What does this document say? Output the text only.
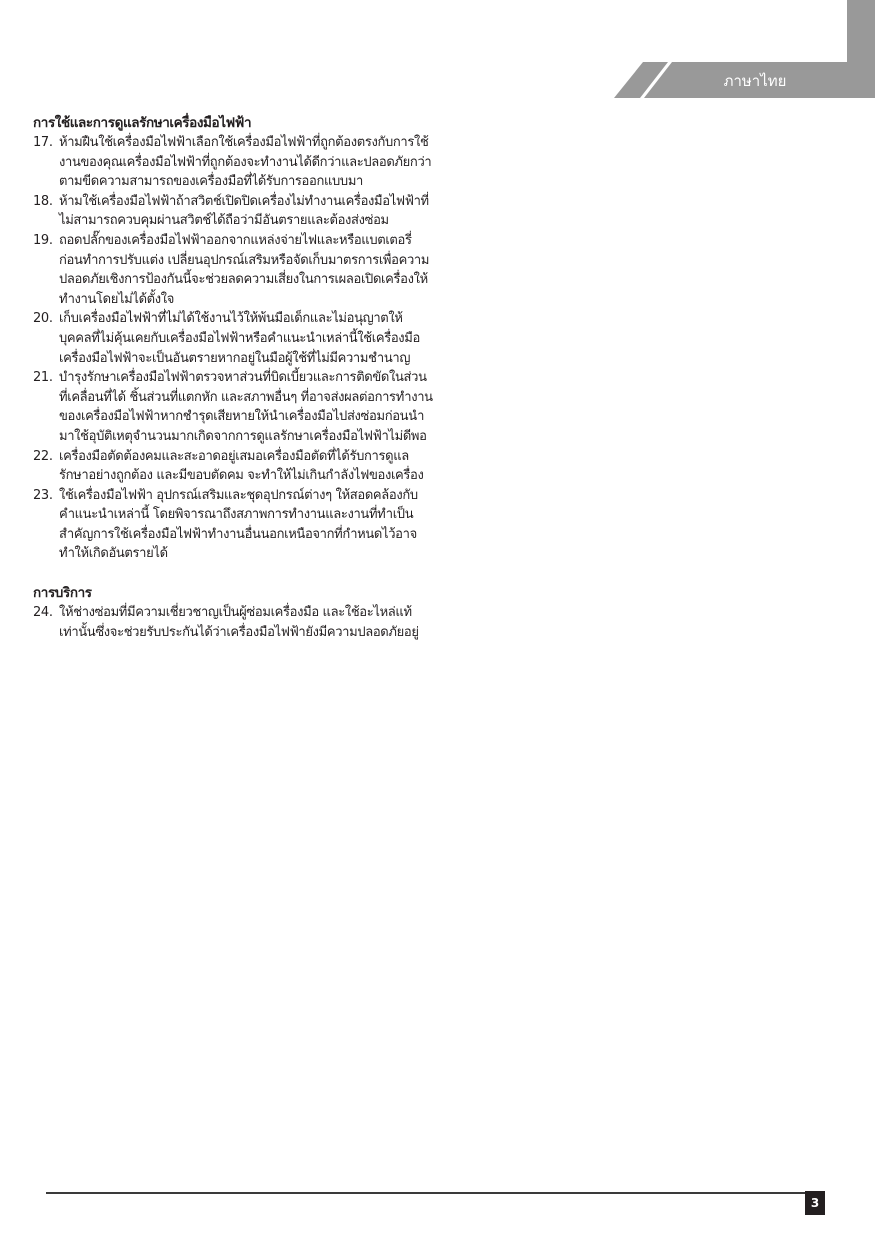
ภาษาไทย
การใช้และการดูแลรักษาเครื่องมือไฟฟ้า
17. ห้ามฝืนใช้เครื่องมือไฟฟ้าเลือกใช้เครื่องมือไฟฟ้าที่ถูกต้องตรงกับการใช้งานของคุณเครื่องมือไฟฟ้าที่ถูกต้องจะทำงานได้ดีกว่าและปลอดภัยกว่าตามขีดความสามารถของเครื่องมือที่ได้รับการออกแบบมา
18. ห้ามใช้เครื่องมือไฟฟ้าถ้าสวิตช์เปิดปิดเครื่องไม่ทำงานเครื่องมือไฟฟ้าที่ไม่สามารถควบคุมผ่านสวิตช์ได้ถือว่ามีอันตรายและต้องส่งซ่อม
19. ถอดปลั๊กของเครื่องมือไฟฟ้าออกจากแหล่งจ่ายไฟและหรือแบตเตอรี่ก่อนทำการปรับแต่ง เปลี่ยนอุปกรณ์เสริมหรือจัดเก็บมาตรการเพื่อความปลอดภัยเชิงการป้องกันนี้จะช่วยลดความเสี่ยงในการเผลอเปิดเครื่องให้ทำงานโดยไม่ได้ตั้งใจ
20. เก็บเครื่องมือไฟฟ้าที่ไม่ได้ใช้งานไว้ให้พ้นมือเด็กและไม่อนุญาตให้บุคคลที่ไม่คุ้นเคยกับเครื่องมือไฟฟ้าหรือคำแนะนำเหล่านี้ใช้เครื่องมือเครื่องมือไฟฟ้าจะเป็นอันตรายหากอยู่ในมือผู้ใช้ที่ไม่มีความชำนาญ
21. บำรุงรักษาเครื่องมือไฟฟ้าตรวจหาส่วนที่บิดเบี้ยวและการติดขัดในส่วนที่เคลื่อนที่ได้ ชิ้นส่วนที่แตกหัก และสภาพอื่นๆ ที่อาจส่งผลต่อการทำงานของเครื่องมือไฟฟ้าหากชำรุดเสียหายให้นำเครื่องมือไปส่งซ่อมก่อนนำมาใช้อุบัติเหตุจำนวนมากเกิดจากการดูแลรักษาเครื่องมือไฟฟ้าไม่ดีพอ
22. เครื่องมือตัดต้องคมและสะอาดอยู่เสมอเครื่องมือตัดที่ได้รับการดูแลรักษาอย่างถูกต้อง และมีขอบตัดคม จะทำให้ไม่เกินกำลังไฟของเครื่อง
23. ใช้เครื่องมือไฟฟ้า อุปกรณ์เสริมและชุดอุปกรณ์ต่างๆ ให้สอดคล้องกับคำแนะนำเหล่านี้ โดยพิจารณาถึงสภาพการทำงานและงานที่ทำเป็นสำคัญการใช้เครื่องมือไฟฟ้าทำงานอื่นนอกเหนือจากที่กำหนดไว้อาจทำให้เกิดอันตรายได้
การบริการ
24. ให้ช่างซ่อมที่มีความเชี่ยวชาญเป็นผู้ซ่อมเครื่องมือ และใช้อะไหล่แท้เท่านั้นซึ่งจะช่วยรับประกันได้ว่าเครื่องมือไฟฟ้ายังมีความปลอดภัยอยู่
3
